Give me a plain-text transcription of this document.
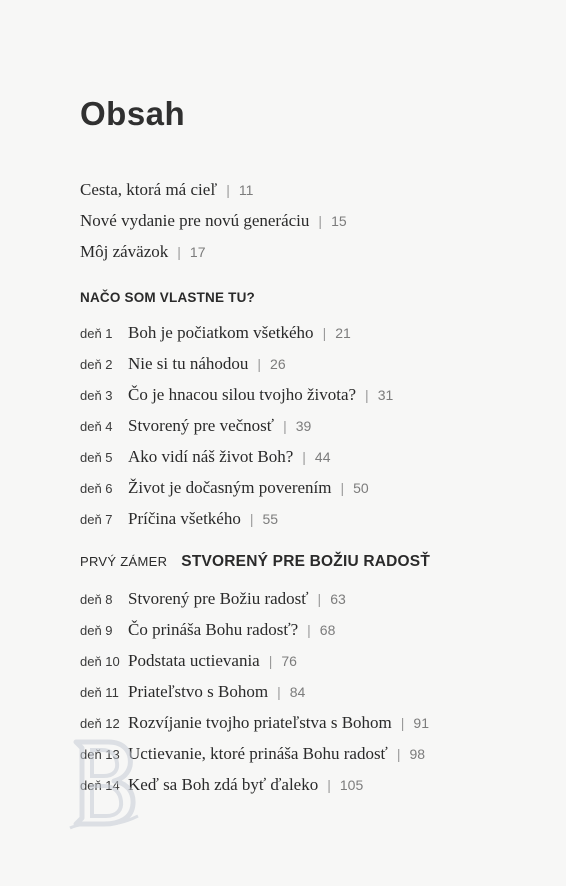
Obsah
Cesta, ktorá má cieľ | 11
Nové vydanie pre novú generáciu | 15
Môj záväzok | 17
NAČO SOM VLASTNE TU?
deň 1 Boh je počiatkom všetkého | 21
deň 2 Nie si tu náhodou | 26
deň 3 Čo je hnacou silou tvojho života? | 31
deň 4 Stvorený pre večnosť | 39
deň 5 Ako vidí náš život Boh? | 44
deň 6 Život je dočasným poverením | 50
deň 7 Príčina všetkého | 55
PRVÝ ZÁMER STVORENÝ PRE BOŽIU RADOSŤ
deň 8 Stvorený pre Božiu radosť | 63
deň 9 Čo prináša Bohu radosť? | 68
deň 10 Podstata uctievania | 76
deň 11 Priateľstvo s Bohom | 84
deň 12 Rozvíjanie tvojho priateľstva s Bohom | 91
deň 13 Uctievanie, ktoré prináša Bohu radosť | 98
deň 14 Keď sa Boh zdá byť ďaleko | 105
